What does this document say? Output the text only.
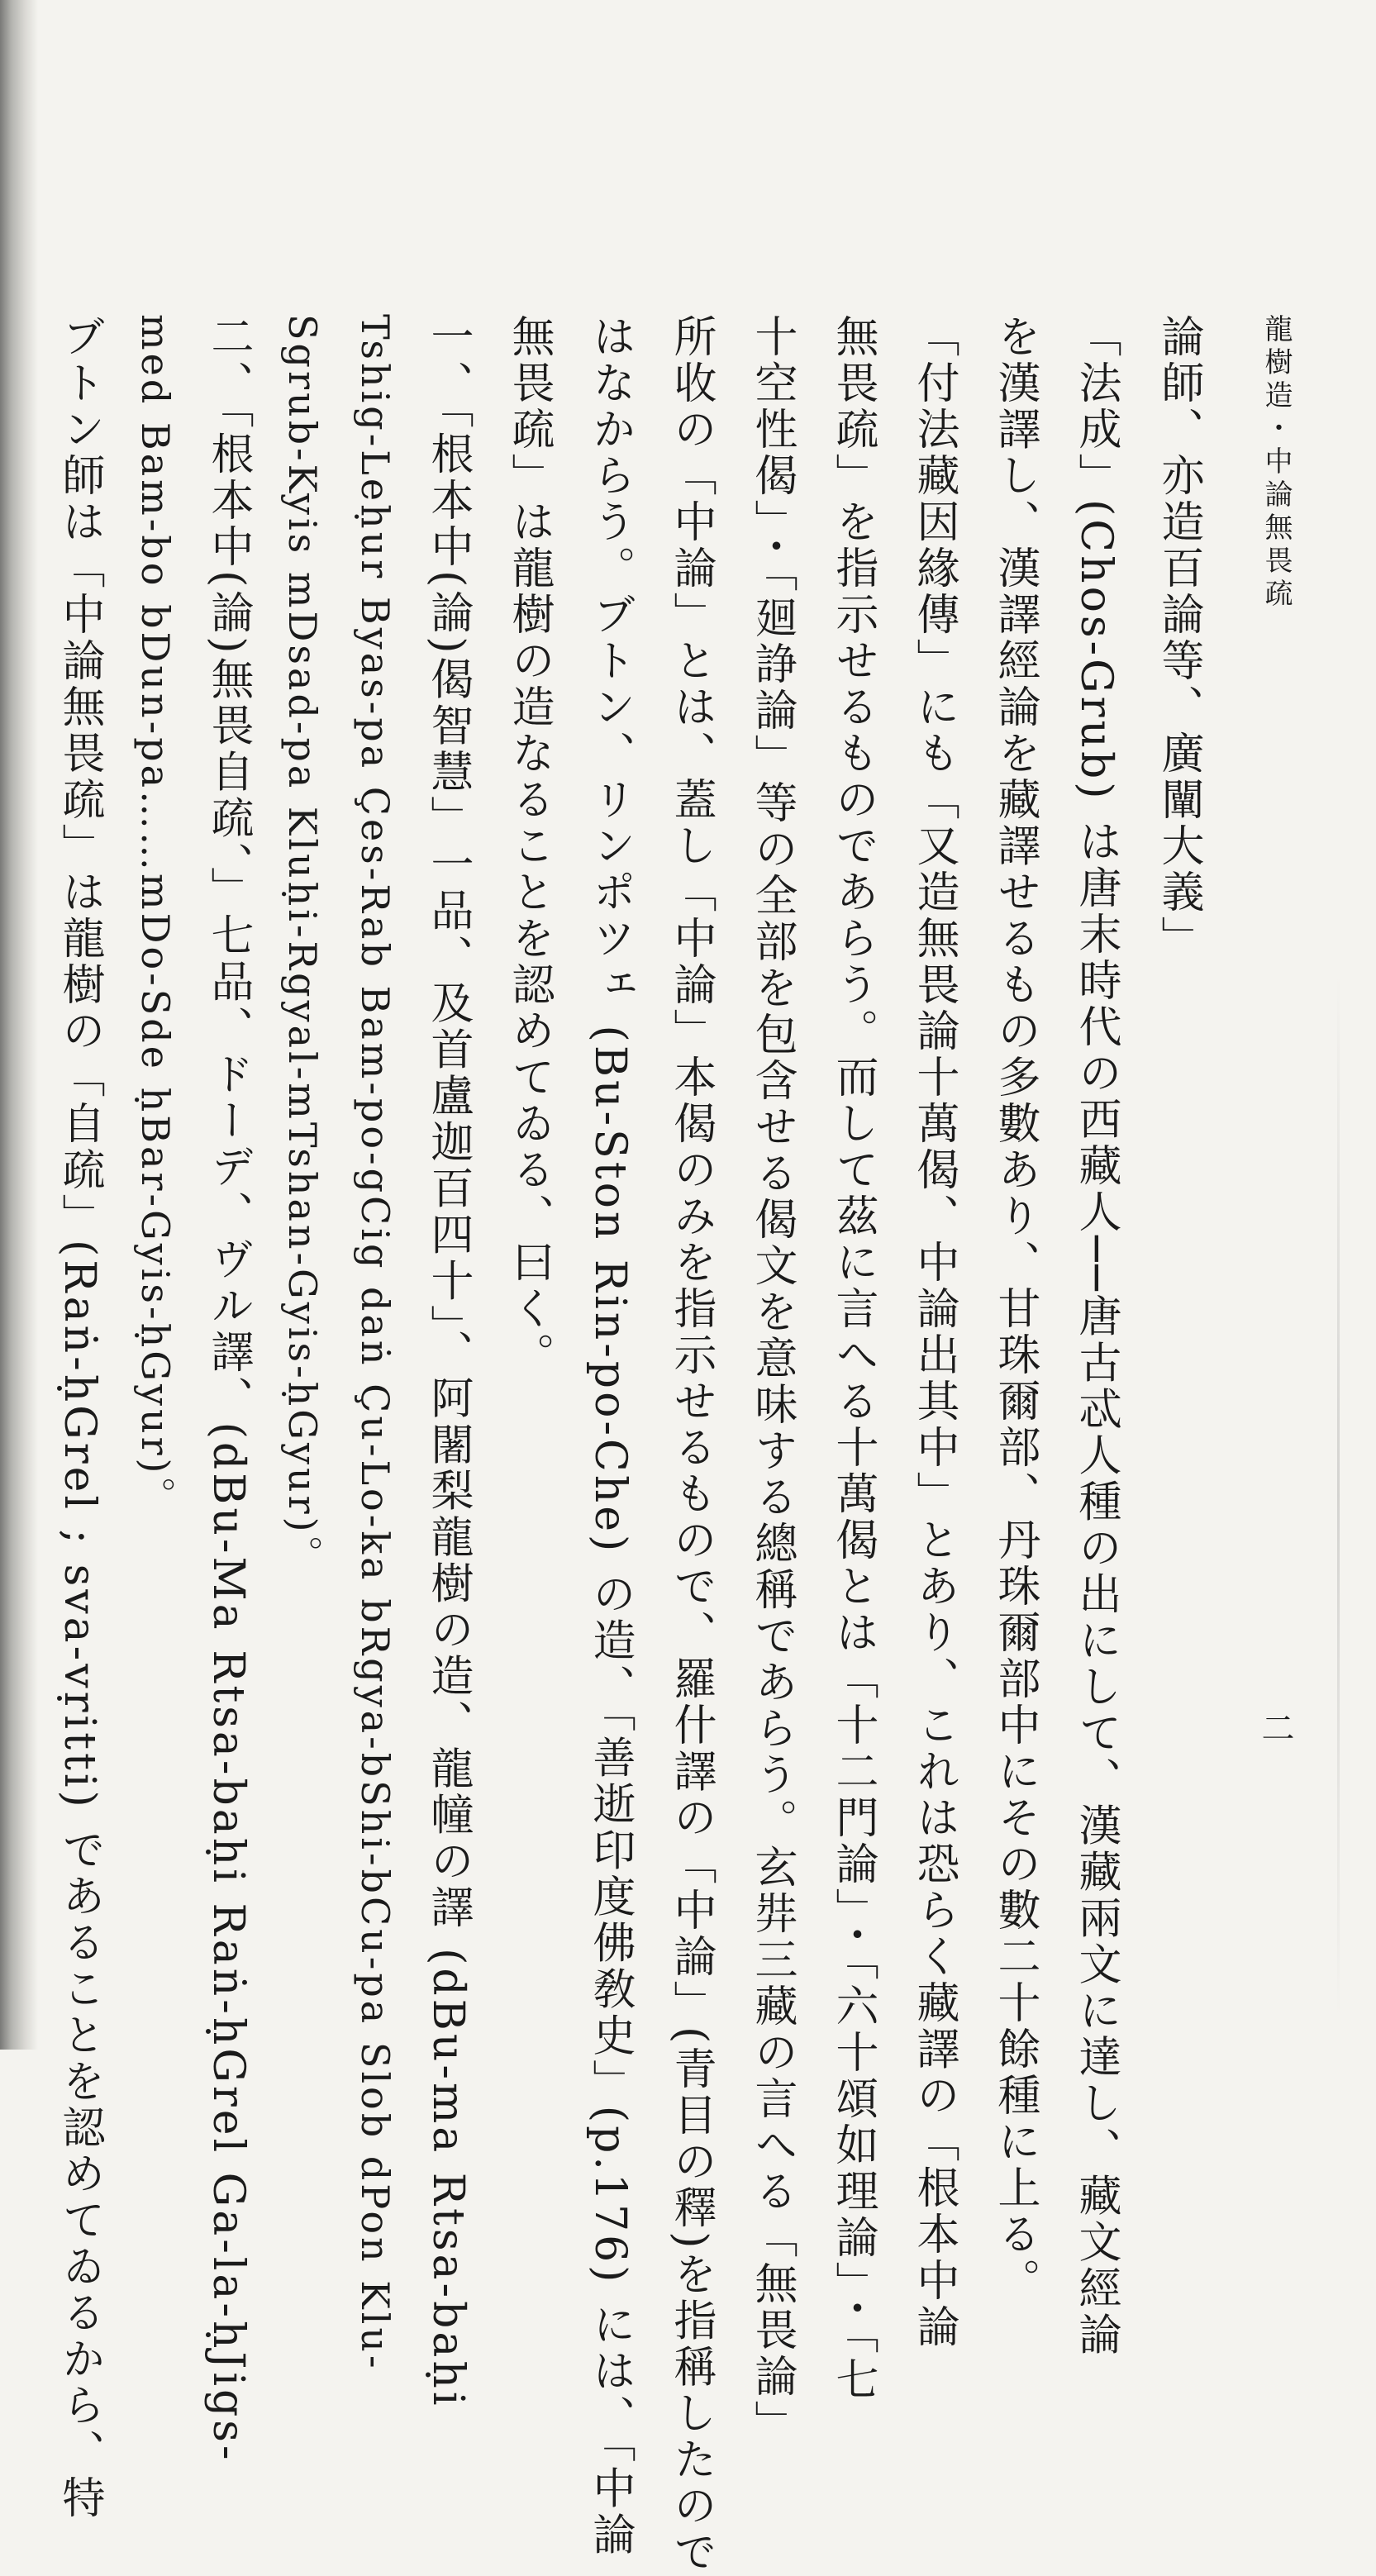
龍樹造・中論無畏疏
二
論師、亦造百論等、廣闡大義」
「法成」(Chos-Grub) は唐末時代の西藏人──唐古忒人種の出にして、漢藏兩文に達し、藏文經論
を漢譯し、漢譯經論を藏譯せるもの多數あり、甘珠爾部、丹珠爾部中にその數二十餘種に上る。
「付法藏因緣傳」にも「又造無畏論十萬偈、中論出其中」とあり、これは恐らく藏譯の「根本中論
無畏疏」を指示せるものであらう。而して茲に言へる十萬偈とは「十二門論」・「六十頌如理論」・「七
十空性偈」・「廻諍論」等の全部を包含せる偈文を意味する總稱であらう。玄弉三藏の言へる「無畏論」
所收の「中論」とは、蓋し「中論」本偈のみを指示せるもので、羅什譯の「中論」(青目の釋)を指稱したので
はなからう。ブトン、リンポツェ (Bu-Ston Rin-po-Che) の造、「善逝印度佛敎史」(p.176) には、「中論
無畏疏」は龍樹の造なることを認めてゐる、曰く。
一、「根本中(論)偈智慧」一品、及首盧迦百四十」、阿闍梨龍樹の造、龍幢の譯 (dBu-ma Rtsa-baḥi
Tshig-Leḥur Byas-pa Çes-Rab Bam-po-gCig daṅ Çu-Lo-ka bRgya-bShi-bCu-pa Slob dPon Klu-
Sgrub-Kyis mDsad-pa Kluḥi-Rgyal-mTshan-Gyis-ḥGyur)。
二、「根本中(論)無畏自疏、」七品、ドーデ、ヴル譯、(dBu-Ma Rtsa-baḥi Raṅ-ḥGrel Ga-la-ḥJigs-
med Bam-bo bDun-pa……mDo-Sde ḥBar-Gyis-ḥGyur)。
ブトン師は「中論無畏疏」は龍樹の「自疏」(Raṅ-ḥGrel ; sva-vṛitti) であることを認めてゐるから、特
